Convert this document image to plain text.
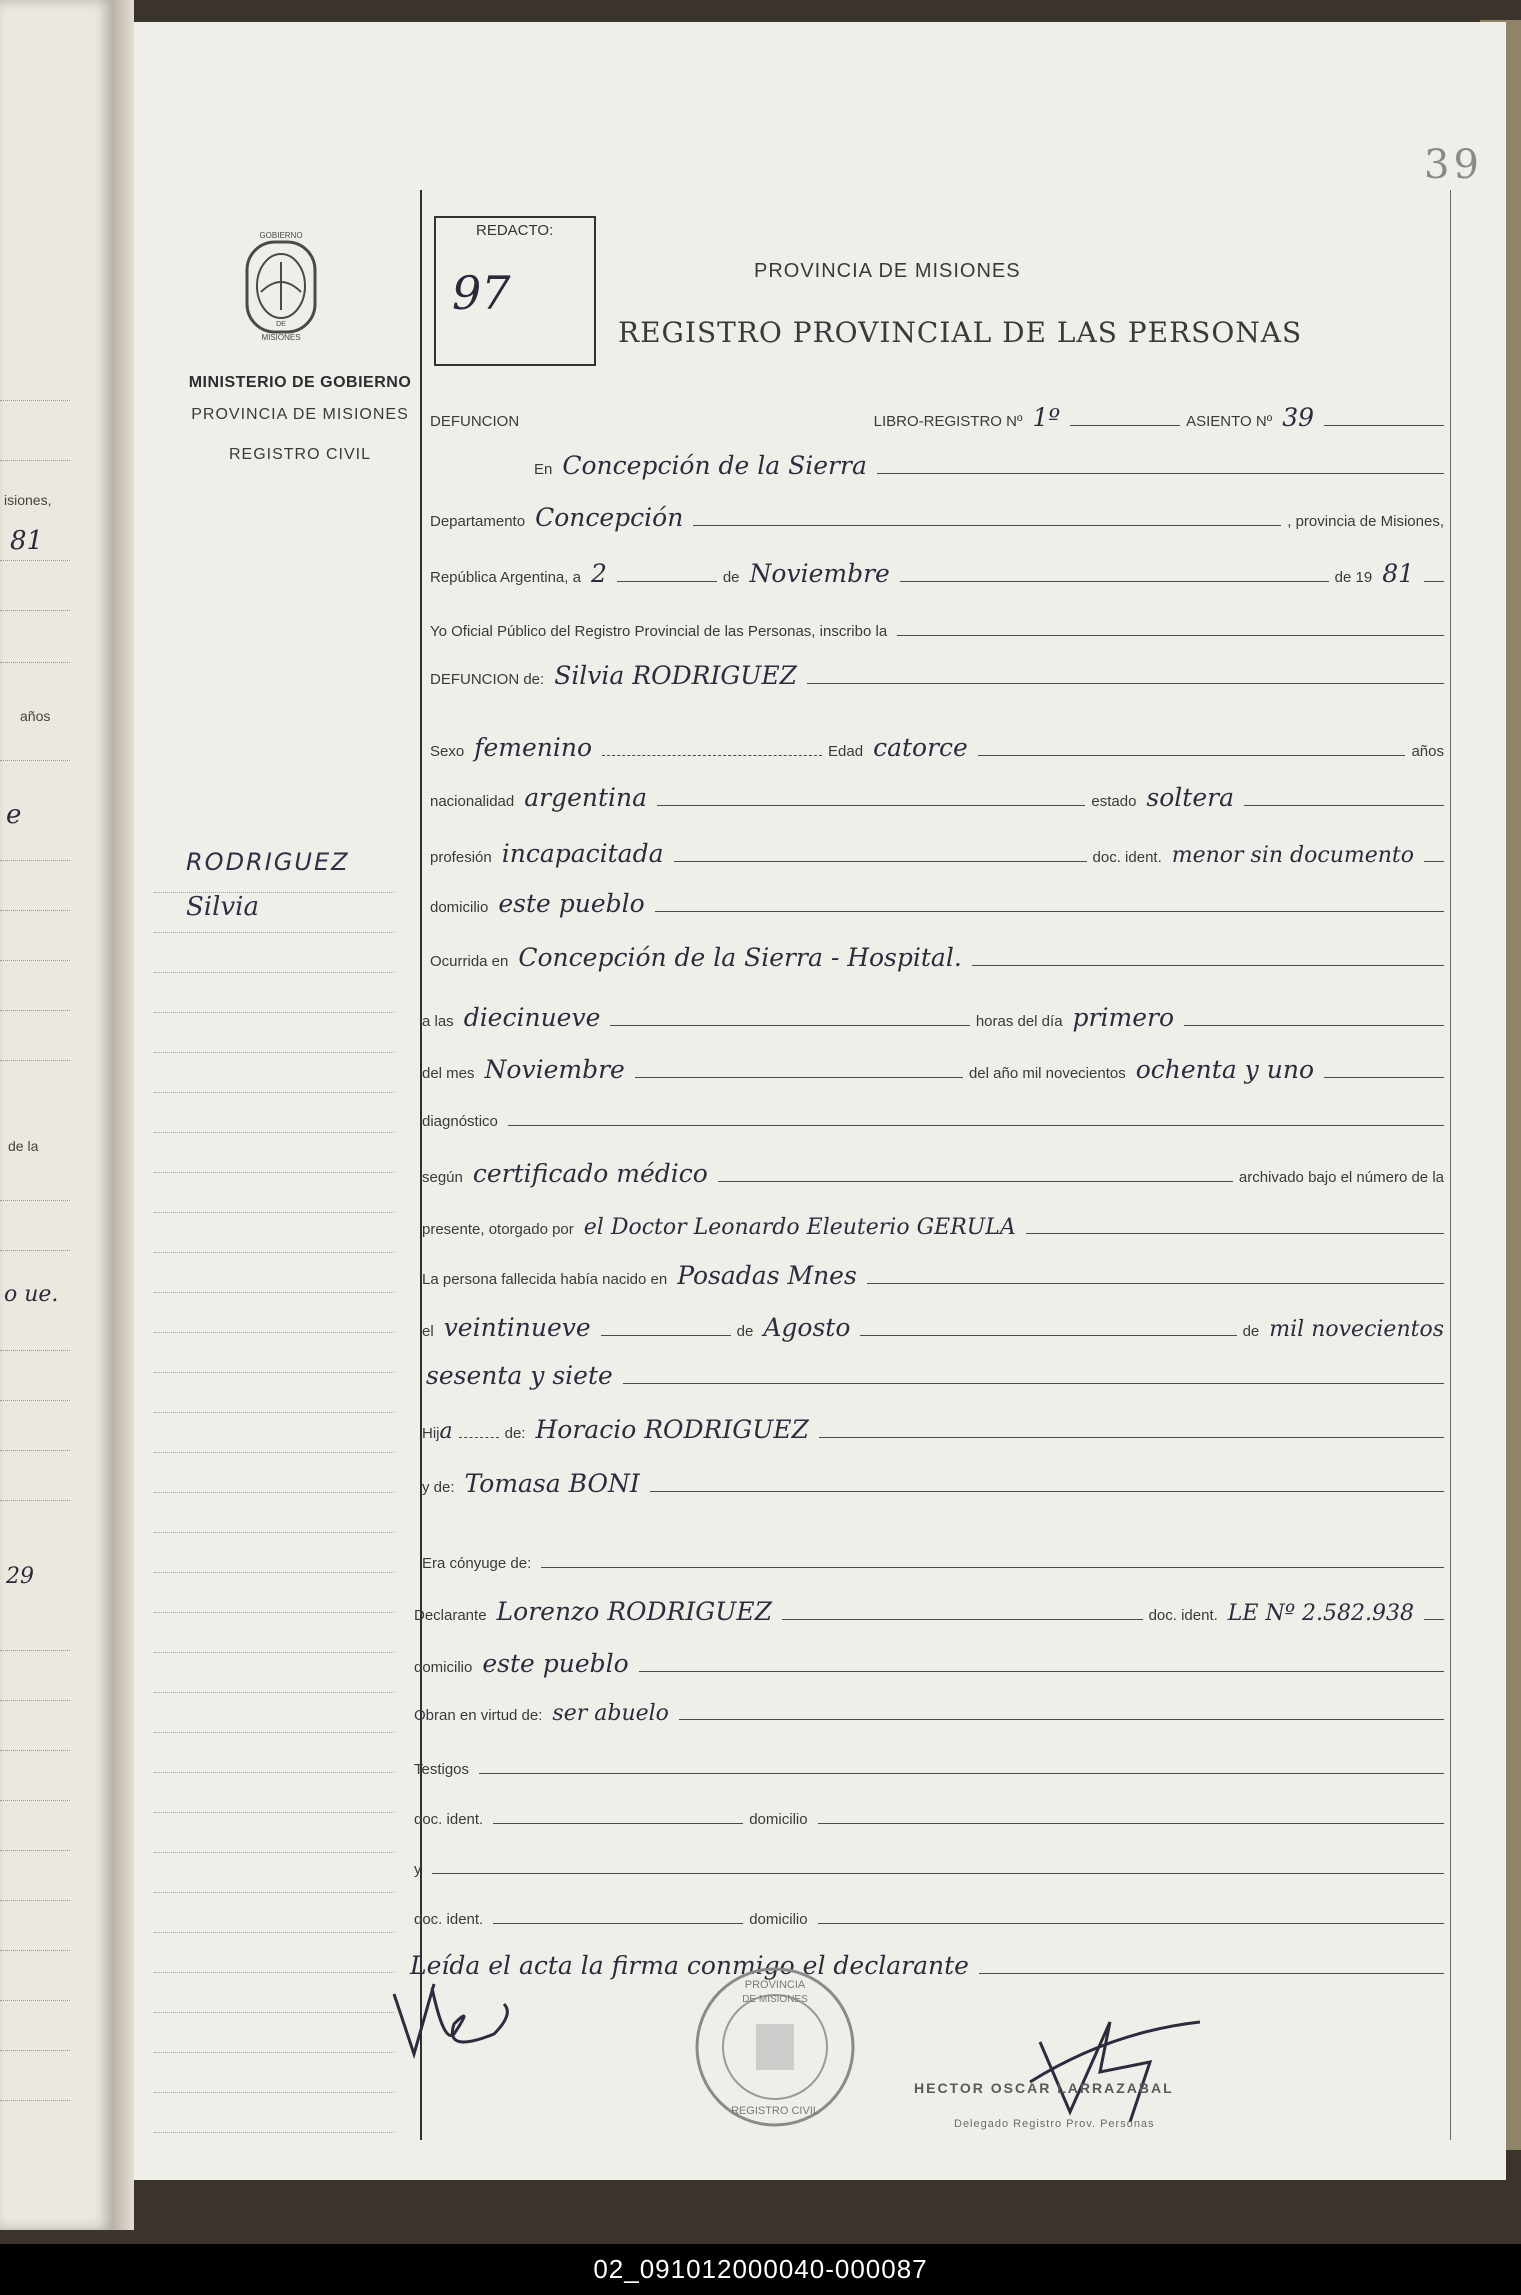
isiones,
81
años
e
de la
o ue.
29
39
GOBIERNO
DE
MISIONES
MINISTERIO DE GOBIERNO
PROVINCIA DE MISIONES
REGISTRO CIVIL
RODRIGUEZ
Silvia
REDACTO:
97	PROVINCIA DE MISIONES
REGISTRO PROVINCIAL DE LAS PERSONAS
DEFUNCION	LIBRO-REGISTRO Nº 1º	ASIENTO Nº 39
En Concepción de la Sierra
Departamento Concepción	, provincia de Misiones,
República Argentina, a 2	de Noviembre	de 19 81
Yo Oficial Público del Registro Provincial de las Personas, inscribo la
DEFUNCION de: Silvia RODRIGUEZ
Sexo femenino	Edad catorce	años
nacionalidad argentina	estado soltera
profesión incapacitada	doc. ident. menor sin documento
domicilio este pueblo
Ocurrida en Concepción de la Sierra - Hospital.
a las diecinueve	horas del día primero
del mes Noviembre	del año mil novecientos ochenta y uno
diagnóstico
según certificado médico	archivado bajo el número de la
presente, otorgado por el Doctor Leonardo Eleuterio GERULA
La persona fallecida había nacido en Posadas Mnes
el veintinueve	de Agosto	de mil novecientos
sesenta y siete
Hij a	de: Horacio RODRIGUEZ
y de: Tomasa BONI
Era cónyuge de:
Declarante Lorenzo RODRIGUEZ	doc. ident. LE Nº 2.582.938
domicilio este pueblo
Obran en virtud de: ser abuelo
Testigos
doc. ident.	domicilio
y
doc. ident.	domicilio
Leída el acta la firma conmigo el declarante
PROVINCIA
DE MISIONES
REGISTRO CIVIL
HECTOR OSCAR LARRAZABAL
Delegado Registro Prov. Personas
02_091012000040-000087
